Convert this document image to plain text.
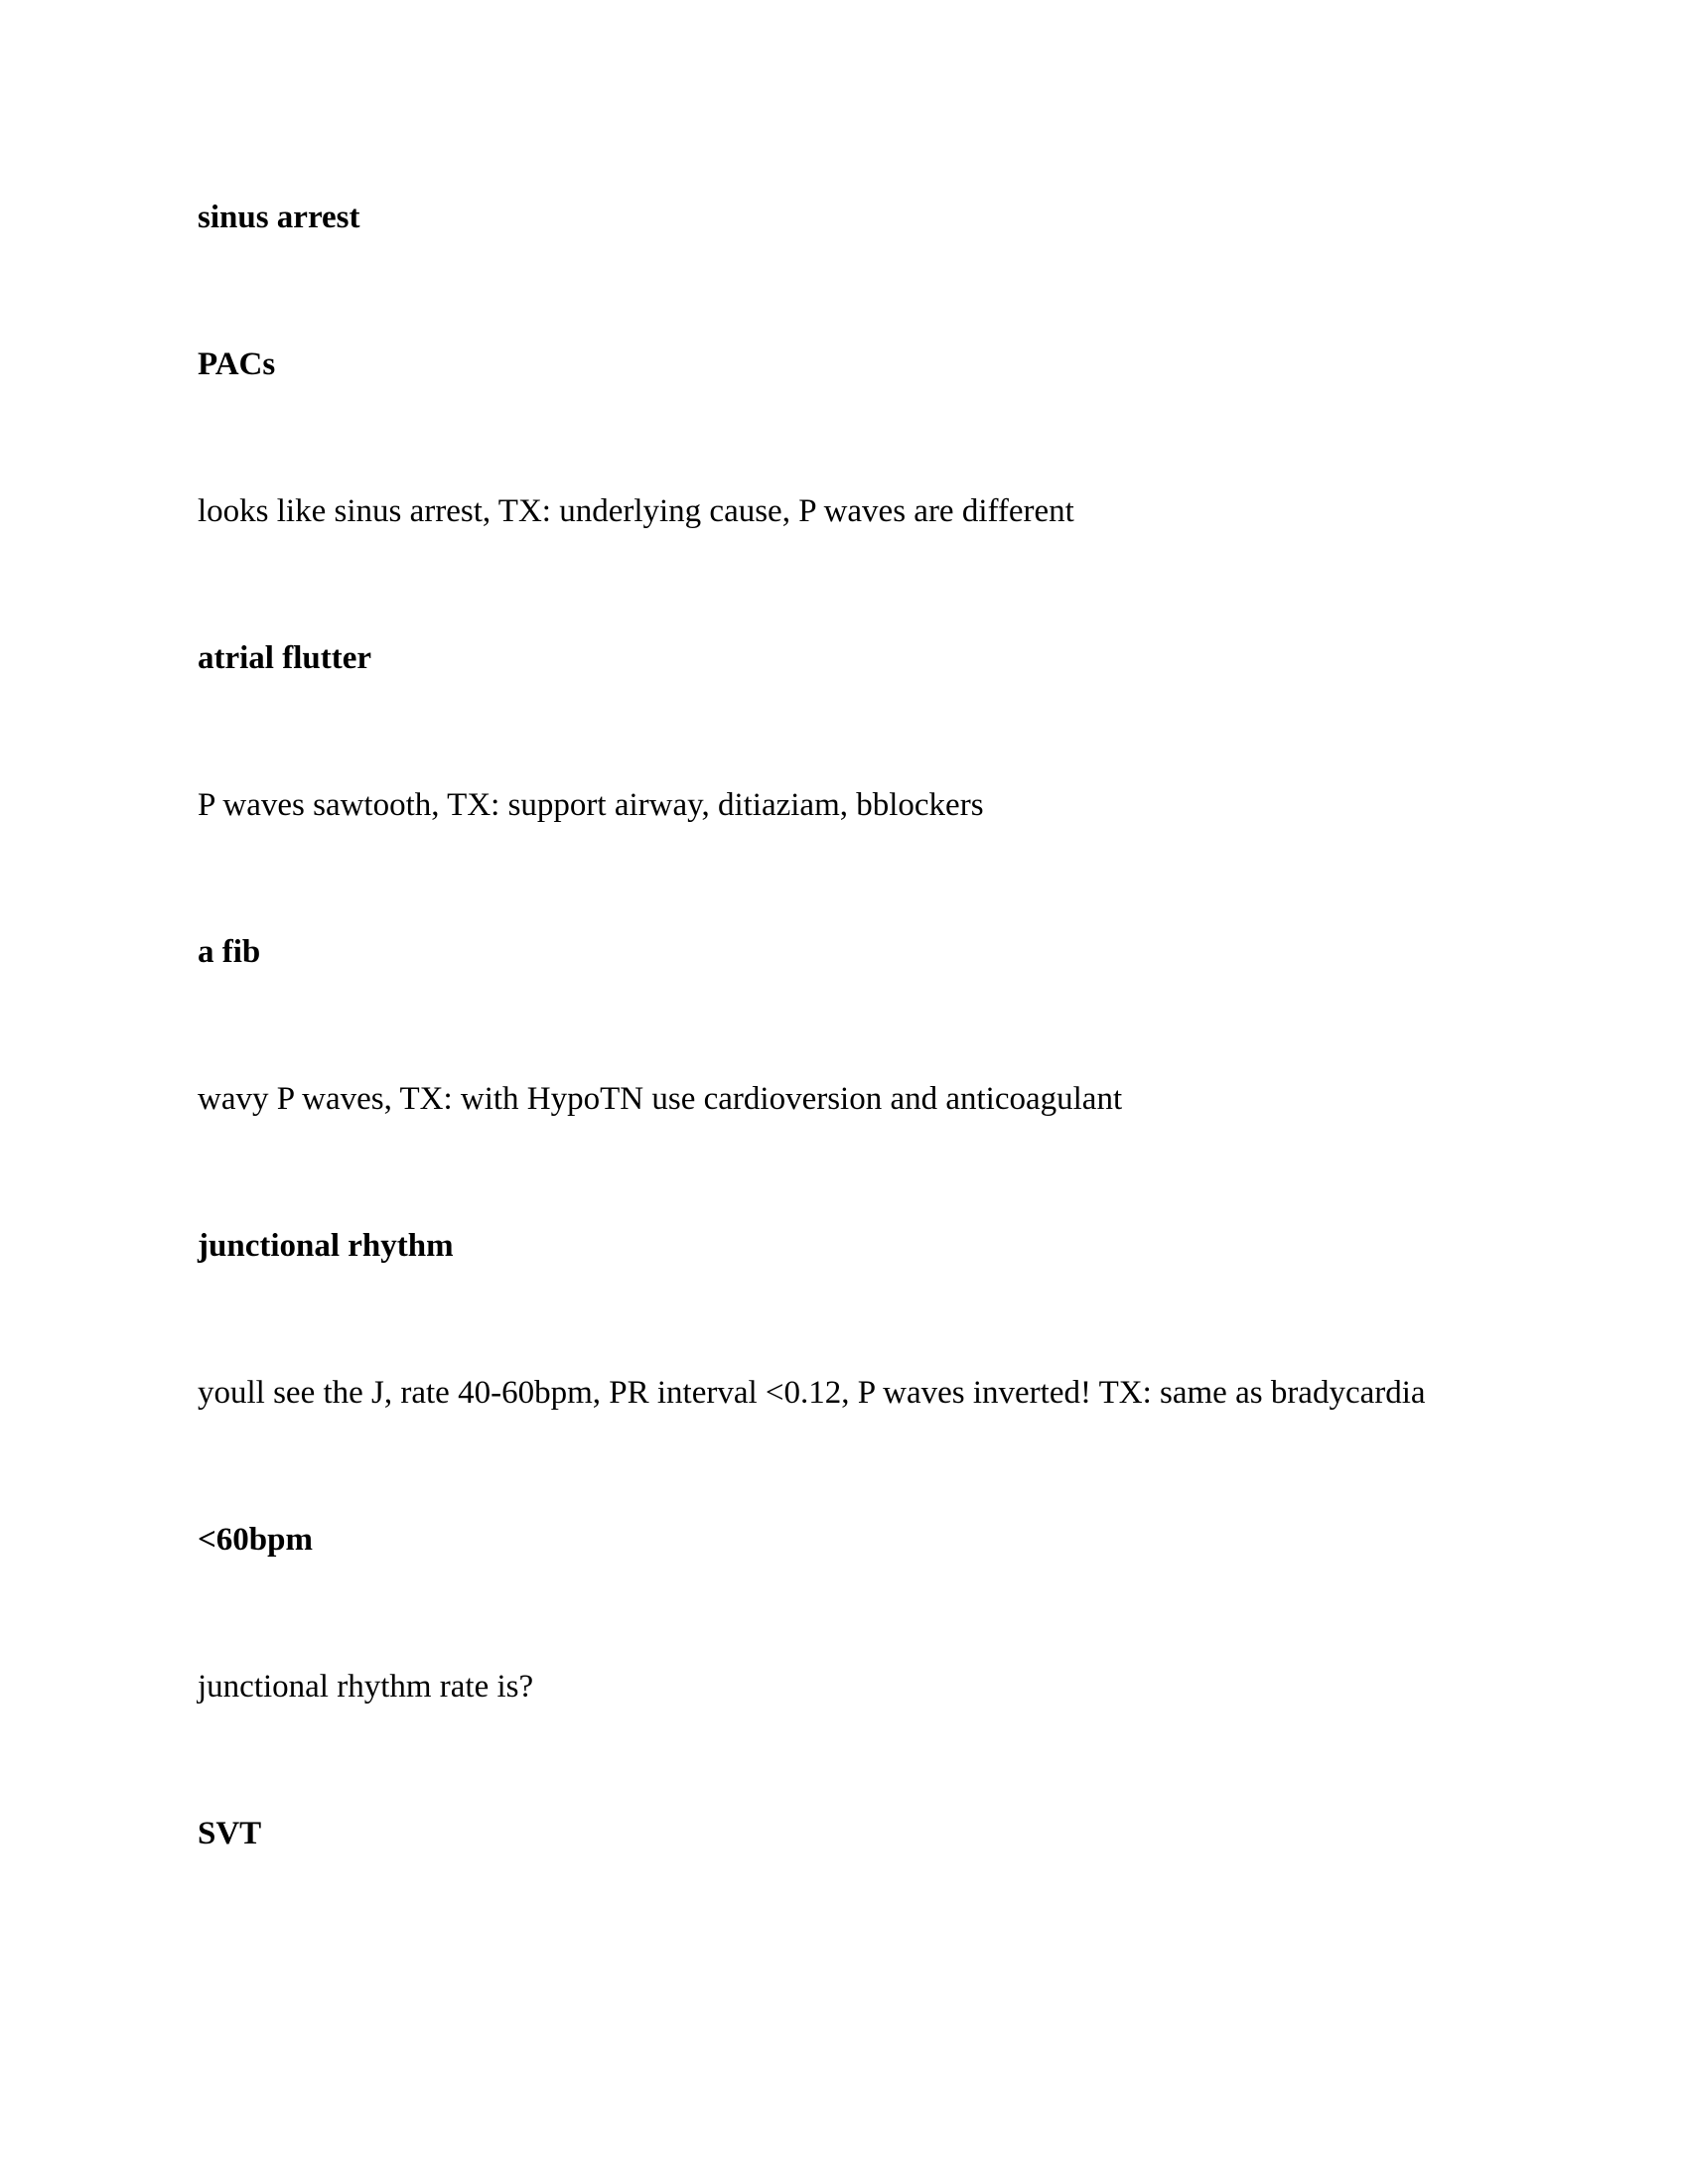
sinus arrest

PACs

looks like sinus arrest, TX: underlying cause, P waves are different

atrial flutter

P waves sawtooth, TX: support airway, ditiaziam, bblockers

a fib

wavy P waves, TX: with HypoTN use cardioversion and anticoagulant

junctional rhythm

youll see the J, rate 40-60bpm, PR interval <0.12, P waves inverted! TX: same as bradycardia

<60bpm

junctional rhythm rate is?

SVT
